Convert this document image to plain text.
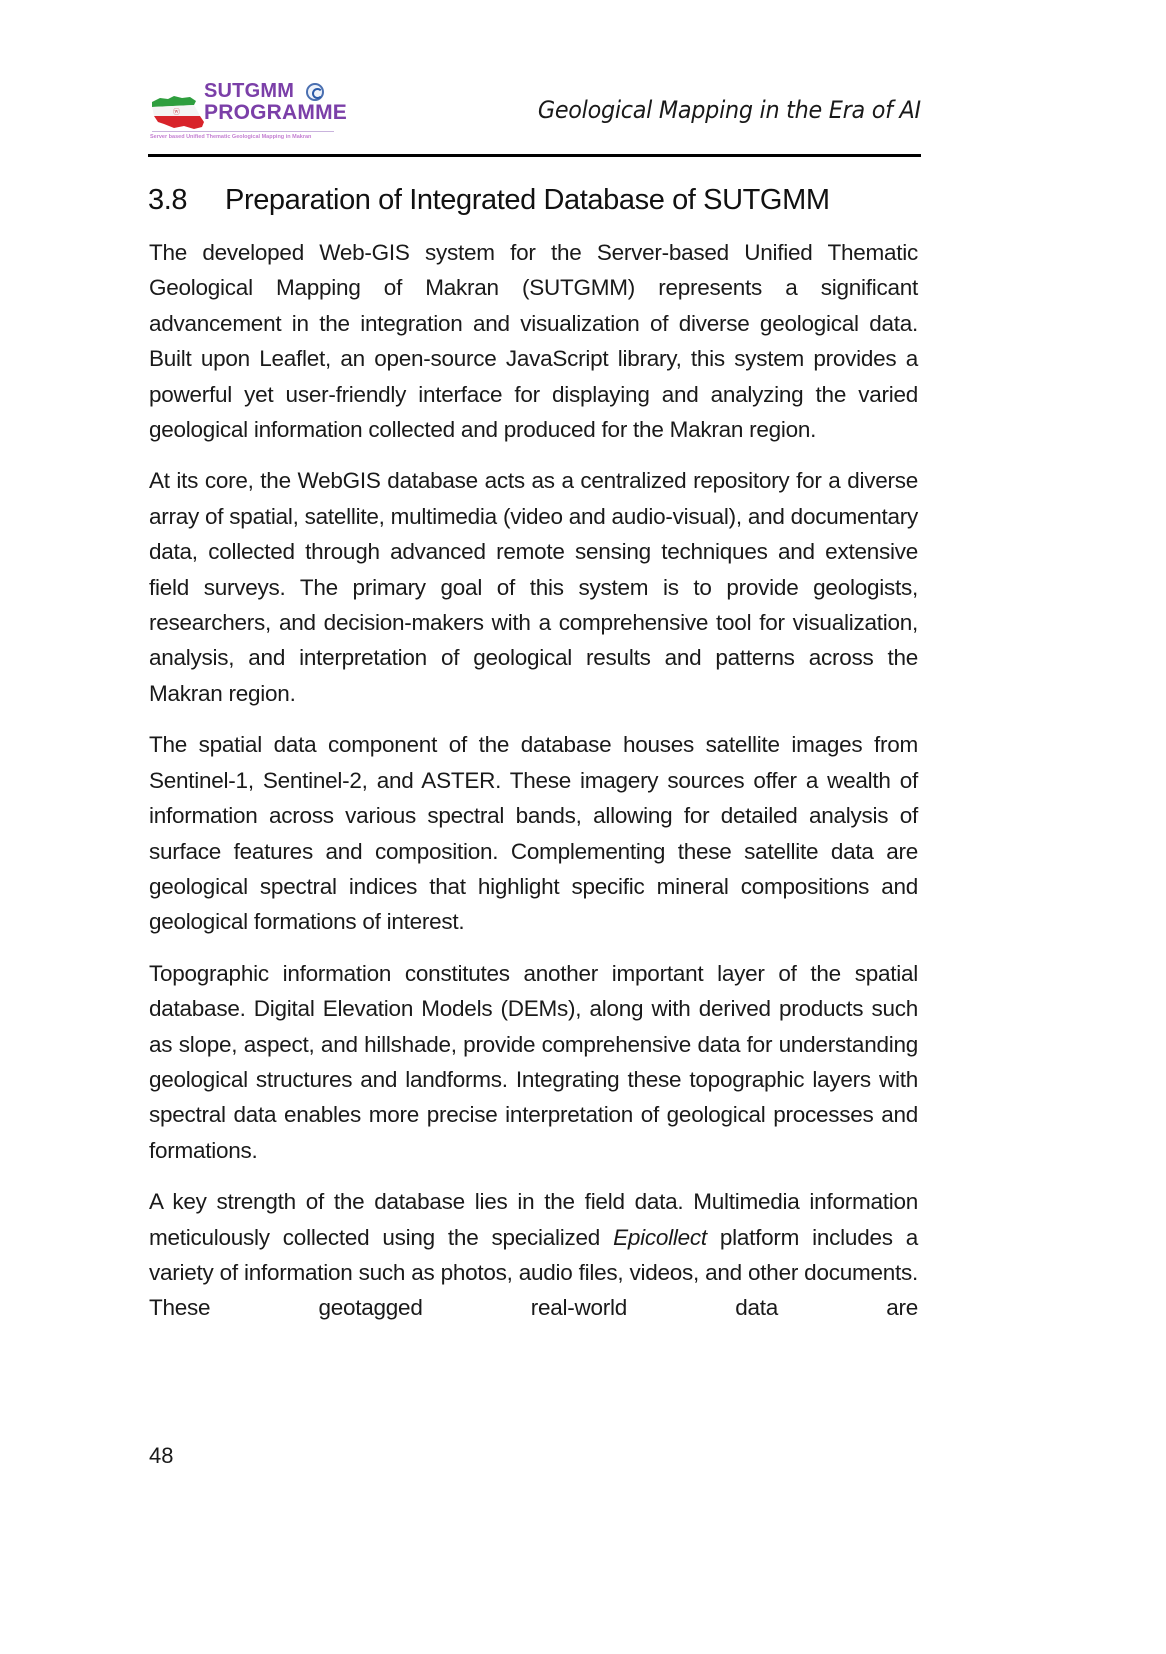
ⓦ
SUTGMM
PROGRAMME
Server based Unified Thematic Geological Mapping in Makran
Geological Mapping in the Era of AI
3.8 Preparation of Integrated Database of SUTGMM

The developed Web-GIS system for the Server-based Unified Thematic Geological Mapping of Makran (SUTGMM) represents a significant advancement in the integration and visualization of diverse geological data. Built upon Leaflet, an open-source JavaScript library, this system provides a powerful yet user-friendly interface for displaying and analyzing the varied geological information collected and produced for the Makran region.

At its core, the WebGIS database acts as a centralized repository for a diverse array of spatial, satellite, multimedia (video and audio-visual), and documentary data, collected through advanced remote sensing techniques and extensive field surveys. The primary goal of this system is to provide geologists, researchers, and decision-makers with a comprehensive tool for visualization, analysis, and interpretation of geological results and patterns across the Makran region.

The spatial data component of the database houses satellite images from Sentinel-1, Sentinel-2, and ASTER. These imagery sources offer a wealth of information across various spectral bands, allowing for detailed analysis of surface features and composition. Complementing these satellite data are geological spectral indices that highlight specific mineral compositions and geological formations of interest.

Topographic information constitutes another important layer of the spatial database. Digital Elevation Models (DEMs), along with derived products such as slope, aspect, and hillshade, provide comprehensive data for understanding geological structures and landforms. Integrating these topographic layers with spectral data enables more precise interpretation of geological processes and formations.

A key strength of the database lies in the field data. Multimedia information meticulously collected using the specialized Epicollect platform includes a variety of information such as photos, audio files, videos, and other documents. These geotagged real-world data are

48
